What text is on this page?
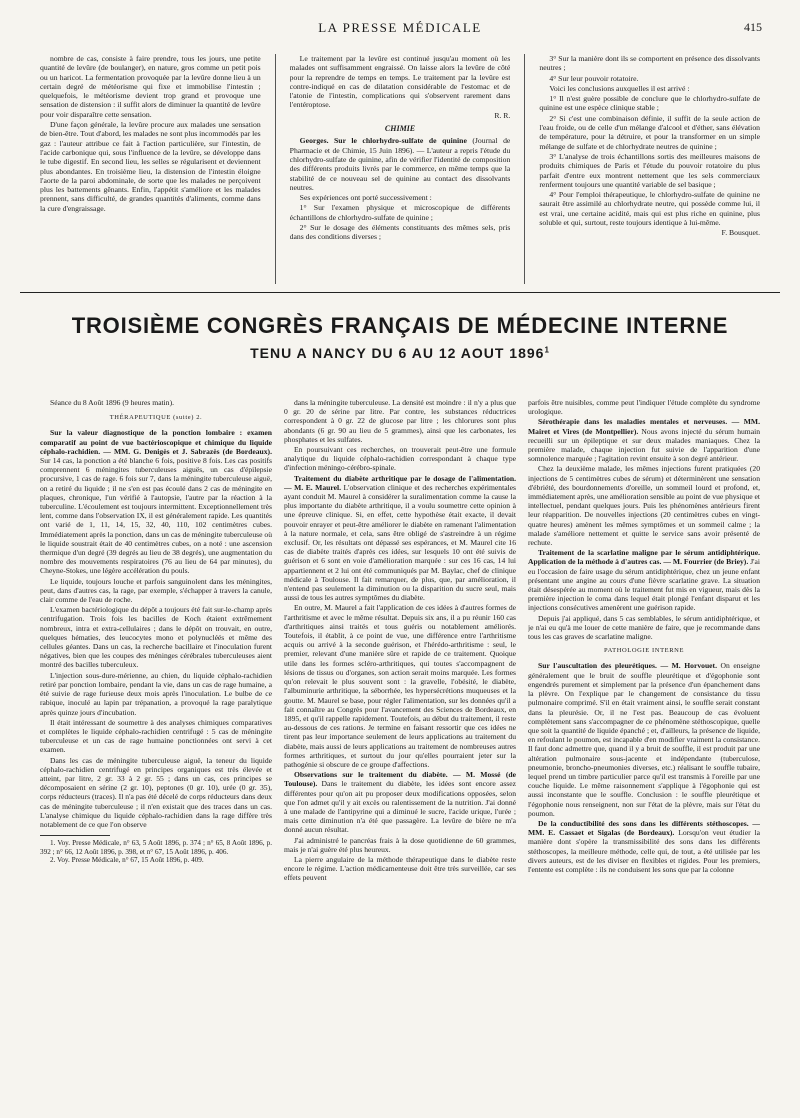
LA PRESSE MÉDICALE	415

nombre de cas, consiste à faire prendre, tous les jours, une petite quantité de levûre (de boulanger), en nature, gros comme un petit pois ou un haricot. La fermentation provoquée par la levûre donne lieu à un certain degré de météorisme qui fixe et immobilise l'intestin ; quelquefois, le météorisme devient trop grand et provoque une sensation de distension : il suffit alors de diminuer la quantité de levûre pour voir disparaître cette sensation.

D'une façon générale, la levûre procure aux malades une sensation de bien-être. Tout d'abord, les malades ne sont plus incommodés par les gaz : l'auteur attribue ce fait à l'action particulière, sur l'intestin, de l'acide carbonique qui, sous l'influence de la levûre, se développe dans le tube digestif. En second lieu, les selles se régularisent et deviennent plus abondantes. En troisième lieu, la distension de l'intestin éloigne l'aorte de la paroi abdominale, de sorte que les malades ne perçoivent plus les battements gênants. Enfin, l'appétit s'améliore et les malades prennent, sans difficulté, de grandes quantités d'aliments, comme dans la cure d'engraissage.

Le traitement par la levûre est continué jusqu'au moment où les malades ont suffisamment engraissé. On laisse alors la levûre de côté pour la reprendre de temps en temps. Le traitement par la levûre est contre-indiqué en cas de dilatation considérable de l'estomac et de l'atonie de l'intestin, complications qui s'observent rarement dans l'entéroptose.

R. R.
CHIMIE

Georges. Sur le chlorhydro-sulfate de quinine (Journal de Pharmacie et de Chimie, 15 Juin 1896). — L'auteur a repris l'étude du chlorhydro-sulfate de quinine, afin de vérifier l'identité de composition des différents produits livrés par le commerce, en même temps que la stabilité de ce nouveau sel de quinine au contact des dissolvants neutres.

Ses expériences ont porté successivement :

1° Sur l'examen physique et microscopique de différents échantillons de chlorhydro-sulfate de quinine ;

2° Sur le dosage des éléments constituants des mêmes sels, pris dans des conditions diverses ;

3° Sur la manière dont ils se comportent en présence des dissolvants neutres ;

4° Sur leur pouvoir rotatoire.

Voici les conclusions auxquelles il est arrivé :

1° Il n'est guère possible de conclure que le chlorhydro-sulfate de quinine est une espèce clinique stable ;

2° Si c'est une combinaison définie, il suffit de la seule action de l'eau froide, ou de celle d'un mélange d'alcool et d'éther, sans élévation de température, pour la détruire, et pour la transformer en un simple mélange de sulfate et de chlorhydrate neutres de quinine ;

3° L'analyse de trois échantillons sortis des meilleures maisons de produits chimiques de Paris et l'étude du pouvoir rotatoire du plus parfait d'entre eux montrent nettement que les sels commerciaux renferment toujours une quantité variable de sel basique ;

4° Pour l'emploi thérapeutique, le chlorhydro-sulfate de quinine ne saurait être assimilé au chlorhydrate neutre, qui possède comme lui, il est vrai, une certaine acidité, mais qui est plus riche en quinine, plus soluble et qui, surtout, reste toujours identique à lui-même.

F. Bousquet.
TROISIÈME CONGRÈS FRANÇAIS DE MÉDECINE INTERNE
TENU A NANCY DU 6 AU 12 AOUT 1896$^1$
Séance du 8 Août 1896 (9 heures matin).
THÉRAPEUTIQUE (suite) 2.

Sur la valeur diagnostique de la ponction lombaire : examen comparatif au point de vue bactérioscopique et chimique du liquide céphalo-rachidien. — MM. G. Denigès et J. Sabrazès (de Bordeaux). Sur 14 cas, la ponction a été blanche 6 fois, positive 8 fois. Les cas positifs comprennent 6 méningites tuberculeuses aiguës, un cas d'épilepsie procursive, 1 cas de rage. 6 fois sur 7, dans la méningite tuberculeuse aiguë, on a retiré du liquide ; il ne s'en est pas écoulé dans 2 cas de méningite en plaques, chronique, l'un vérifié à l'autopsie, l'autre par la réaction à la tuberculine. L'écoulement est toujours intermittent. Exceptionnellement très lent, comme dans l'observation IX, il est généralement rapide. Les quantités ont varié de 1, 11, 14, 15, 32, 40, 110, 102 centimètres cubes. Immédiatement après la ponction, dans un cas de méningite tuberculeuse où le liquide soustrait était de 40 centimètres cubes, on a noté : une ascension thermique d'un degré (39 degrés au lieu de 38 degrés), une augmentation du nombre des mouvements respiratoires (76 au lieu de 64 par minutes), du Cheyne-Stokes, une légère accélération du pouls.

Le liquide, toujours louche et parfois sanguinolent dans les méningites, peut, dans d'autres cas, la rage, par exemple, s'échapper à travers la canule, clair comme de l'eau de roche.

L'examen bactériologique du dépôt a toujours été fait sur-le-champ après centrifugation. Trois fois les bacilles de Koch étaient extrêmement nombreux, intra et extra-cellulaires ; dans le dépôt on trouvait, en outre, quelques hématies, des leucocytes mono et polynucléés et même des cellules géantes. Dans un cas, la recherche bacillaire et l'inoculation furent négatives, bien que les coupes des méninges cérébrales tuberculeuses aient montré des bacilles tuberculeux.

L'injection sous-dure-mérienne, au chien, du liquide céphalo-rachidien retiré par ponction lombaire, pendant la vie, dans un cas de rage humaine, a été suivie de rage furieuse deux mois après l'inoculation. Le bulbe de ce rabique, inoculé au lapin par trépanation, a provoqué la rage paralytique après quinze jours d'incubation.

Il était intéressant de soumettre à des analyses chimiques comparatives et complètes le liquide céphalo-rachidien centrifugé : 5 cas de méningite tuberculeuse et un cas de rage humaine ponctionnées ont servi à cet examen.

Dans les cas de méningite tuberculeuse aiguë, la teneur du liquide céphalo-rachidien centrifugé en principes organiques est très élevée et atteint, par litre, 2 gr. 33 à 2 gr. 55 ; dans un cas, ces principes se décomposaient en sérine (2 gr. 10), peptones (0 gr. 10), urée (0 gr. 35), corps réducteurs (traces). Il n'a pas été décelé de corps réducteurs dans deux cas de méningite tuberculeuse ; il n'en existait que des traces dans un cas. L'analyse chimique du liquide céphalo-rachidien dans la rage diffère très notablement de ce que l'on observe

1. Voy. Presse Médicale, n° 63, 5 Août 1896, p. 374 ; n° 65, 8 Août 1896, p. 392 ; n° 66, 12 Août 1896, p. 398, et n° 67, 15 Août 1896, p. 406.
2. Voy. Presse Médicale, n° 67, 15 Août 1896, p. 409.

dans la méningite tuberculeuse. La densité est moindre : il n'y a plus que 0 gr. 20 de sérine par litre. Par contre, les substances réductrices correspondent à 0 gr. 22 de glucose par litre ; les chlorures sont plus abondants (6 gr. 90 au lieu de 5 grammes), ainsi que les carbonates, les phosphates et les sulfates.

En poursuivant ces recherches, on trouverait peut-être une formule analytique du liquide céphalo-rachidien correspondant à chaque type d'infection méningo-cérébro-spinale.

Traitement du diabète arthritique par le dosage de l'alimentation. — M. E. Maurel. L'observation clinique et des recherches expérimentales ayant conduit M. Maurel à considérer la suralimentation comme la cause la plus importante du diabète arthritique, il a voulu soumettre cette opinion à une épreuve clinique. Si, en effet, cette hypothèse était exacte, il devait pouvoir enrayer et peut-être améliorer le diabète en ramenant l'alimentation à la nature normale, et cela, sans être obligé de s'astreindre à un régime exclusif. Or, les résultats ont dépassé ses espérances, et M. Maurel cite 16 cas de diabète traités d'après ces idées, sur lesquels 10 ont été suivis de guérison et 6 sont en voie d'amélioration marquée : sur ces 16 cas, 14 lui appartiennent et 2 lui ont été communiqués par M. Baylac, chef de clinique médicale à Toulouse. Il fait remarquer, de plus, que, par amélioration, il n'entend pas seulement la diminution ou la disparition du sucre seul, mais aussi de tous les autres symptômes du diabète.

En outre, M. Maurel a fait l'application de ces idées à d'autres formes de l'arthritisme et avec le même résultat. Depuis six ans, il a pu réunir 160 cas d'arthritiques ainsi traités et tous guéris ou notablement améliorés. Toutefois, il établit, à ce point de vue, une différence entre l'arthritisme acquis ou arrivé à la seconde guérison, et l'hérédo-arthritisme : seul, le premier, relevant d'une manière sûre et rapide de ce traitement. Quoique utile dans les formes scléro-arthritiques, qui toutes s'accompagnent de lésions de tissus ou d'organes, son action serait moins marquée. Les formes qu'on relevait le plus souvent sont : la gravelle, l'obésité, le diabète, l'albuminurie arthritique, la séborrhée, les hypersécrétions muqueuses et la goutte. M. Maurel se base, pour régler l'alimentation, sur les données qu'il a fait connaître au Congrès pour l'avancement des Sciences de Bordeaux, en 1895, et qu'il rappelle rapidement. Toutefois, au début du traitement, il reste au-dessous de ces rations. Je termine en faisant ressortir que ces idées ne tirent pas leur importance seulement de leurs applications au traitement du diabète, mais aussi de leurs applications au traitement de nombreuses autres formes arthritiques, et surtout du jour qu'elles pourraient jeter sur la pathogénie si obscure de ce groupe d'affections.

Observations sur le traitement du diabète. — M. Mossé (de Toulouse). Dans le traitement du diabète, les idées sont encore assez différentes pour qu'on ait pu proposer deux modifications opposées, selon que l'on admet qu'il y ait excès ou ralentissement de la nutrition. J'ai donné à une malade de l'antipyrine qui a diminué le sucre, l'acide urique, l'urée ; mais cette diminution n'a été que passagère. La levûre de bière ne m'a donné aucun résultat.

J'ai administré le pancréas frais à la dose quotidienne de 60 grammes, mais je n'ai guère été plus heureux.

La pierre angulaire de la méthode thérapeutique dans le diabète reste encore le régime. L'action médicamenteuse doit être très surveillée, car ses effets peuvent

parfois être nuisibles, comme peut l'indiquer l'étude complète du syndrome urologique.

Sérothérapie dans les maladies mentales et nerveuses. — MM. Mairet et Vires (de Montpellier). Nous avons injecté du sérum humain recueilli sur un épileptique et sur deux malades maniaques. Chez la première malade, chaque injection fut suivie de l'apparition d'une somnolence marquée ; l'agitation revint ensuite à son degré antérieur.

Chez la deuxième malade, les mêmes injections furent pratiquées (20 injections de 5 centimètres cubes de sérum) et déterminèrent une sensation d'ébriété, des bourdonnements d'oreille, un sommeil lourd et profond, et, immédiatement après, une amélioration sensible au point de vue physique et intellectuel, pendant quelques jours. Puis les phénomènes antérieurs firent leur réapparition. De nouvelles injections (20 centimètres cubes en vingt-quatre heures) amènent les mêmes symptômes et un sommeil calme ; la malade s'améliore nettement et quitte le service sans avoir présenté de rechute.

Traitement de la scarlatine maligne par le sérum antidiphtérique. Application de la méthode à d'autres cas. — M. Fourrier (de Briey). J'ai eu l'occasion de faire usage du sérum antidiphtérique, chez un jeune enfant présentant une angine au cours d'une fièvre scarlatine grave. La situation était désespérée au moment où le traitement fut mis en vigueur, mais dès la première injection le coma dans lequel était plongé l'enfant disparut et les injections consécutives amenèrent une guérison rapide.

Depuis j'ai appliqué, dans 5 cas semblables, le sérum antidiphtérique, et je n'ai eu qu'à me louer de cette manière de faire, que je recommande dans tous les cas graves de scarlatine maligne.

PATHOLOGIE INTERNE

Sur l'auscultation des pleurétiques. — M. Horvouet. On enseigne généralement que le bruit de souffle pleurétique et d'égophonie sont engendrés purement et simplement par la présence d'un épanchement dans la plèvre. On l'explique par le changement de consistance du tissu pulmonaire comprimé. S'il en était vraiment ainsi, le souffle serait constant dans la pleurésie. Or, il ne l'est pas. Beaucoup de cas évoluent complètement sans s'accompagner de ce phénomène stéthoscopique, quelle que soit la quantité de liquide épanché ; et, d'ailleurs, la présence de liquide, en refoulant le poumon, est incapable d'en modifier vraiment la consistance. Il faut donc admettre que, quand il y a bruit de souffle, il est produit par une altération pulmonaire sous-jacente et indépendante (tuberculose, pneumonie, broncho-pneumonies diverses, etc.) réalisant le souffle tubaire, lequel prend un timbre particulier parce qu'il est transmis à l'oreille par une couche liquide. Le même raisonnement s'applique à l'égophonie qui est aussi inconstante que le souffle. Conclusion : le souffle pleurétique et l'égophonie nous renseignent, non sur l'état de la plèvre, mais sur l'état du poumon.

De la conductibilité des sons dans les différents stéthoscopes. — MM. E. Cassaet et Sigalas (de Bordeaux). Lorsqu'on veut étudier la manière dont s'opère la transmissibilité des sons dans les différents stéthoscopes, la meilleure méthode, celle qui, de tout, a été utilisée par les divers auteurs, est de les diviser en flexibles et rigides. Pour les premiers, l'entente est complète : ils ne conduisent les sons que par la colonne
